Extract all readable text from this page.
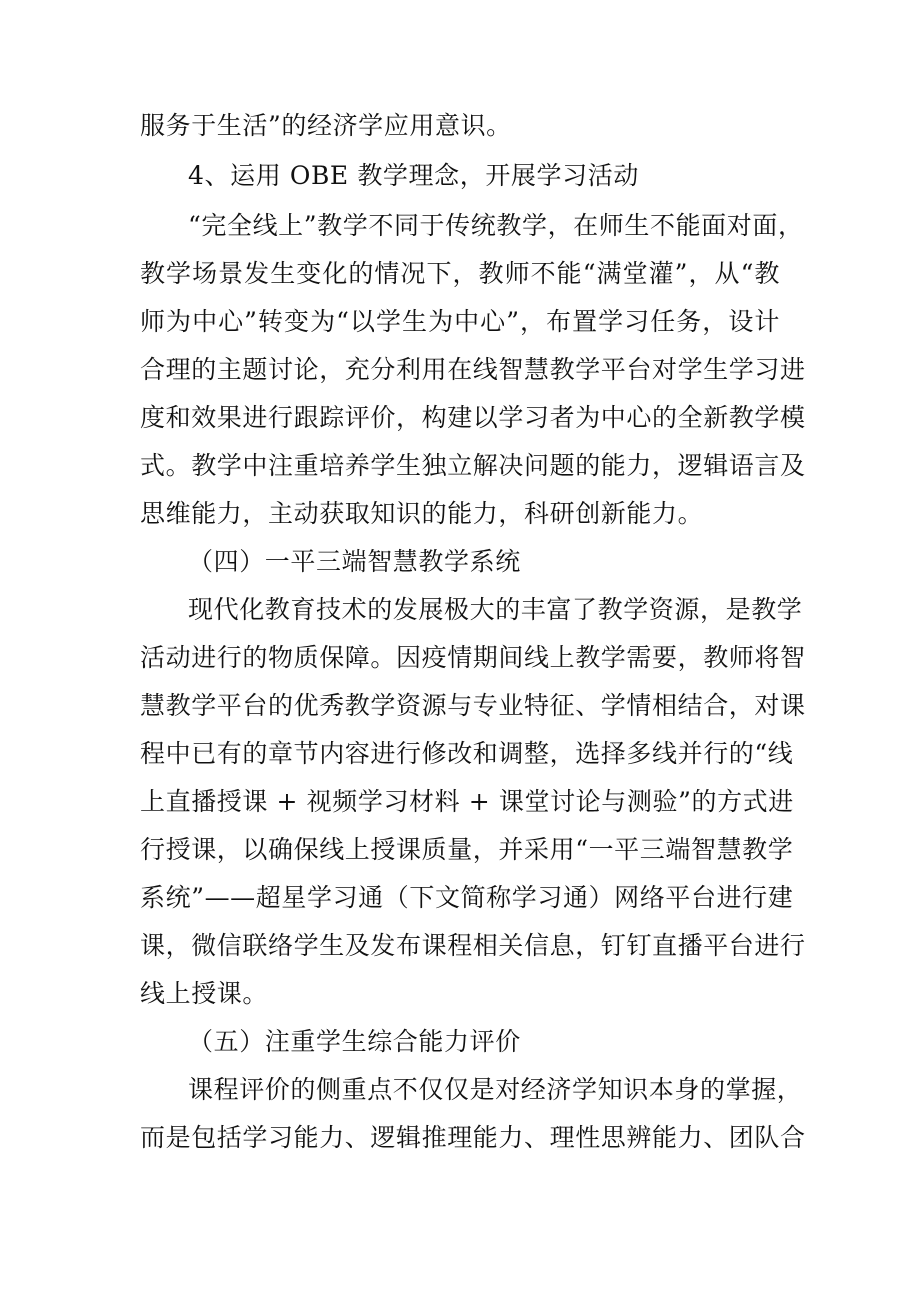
服务于生活”的经济学应用意识。
4、运用 OBE 教学理念，开展学习活动
“完全线上”教学不同于传统教学，在师生不能面对面，
教学场景发生变化的情况下，教师不能“满堂灌”，从“教
师为中心”转变为“以学生为中心”，布置学习任务，设计
合理的主题讨论，充分利用在线智慧教学平台对学生学习进
度和效果进行跟踪评价，构建以学习者为中心的全新教学模
式。教学中注重培养学生独立解决问题的能力，逻辑语言及
思维能力，主动获取知识的能力，科研创新能力。
（四）一平三端智慧教学系统
现代化教育技术的发展极大的丰富了教学资源，是教学
活动进行的物质保障。因疫情期间线上教学需要，教师将智
慧教学平台的优秀教学资源与专业特征、学情相结合，对课
程中已有的章节内容进行修改和调整，选择多线并行的“线
上直播授课 + 视频学习材料 + 课堂讨论与测验”的方式进
行授课，以确保线上授课质量，并采用“一平三端智慧教学
系统”——超星学习通（下文简称学习通）网络平台进行建
课，微信联络学生及发布课程相关信息，钉钉直播平台进行
线上授课。
（五）注重学生综合能力评价
课程评价的侧重点不仅仅是对经济学知识本身的掌握，
而是包括学习能力、逻辑推理能力、理性思辨能力、团队合
